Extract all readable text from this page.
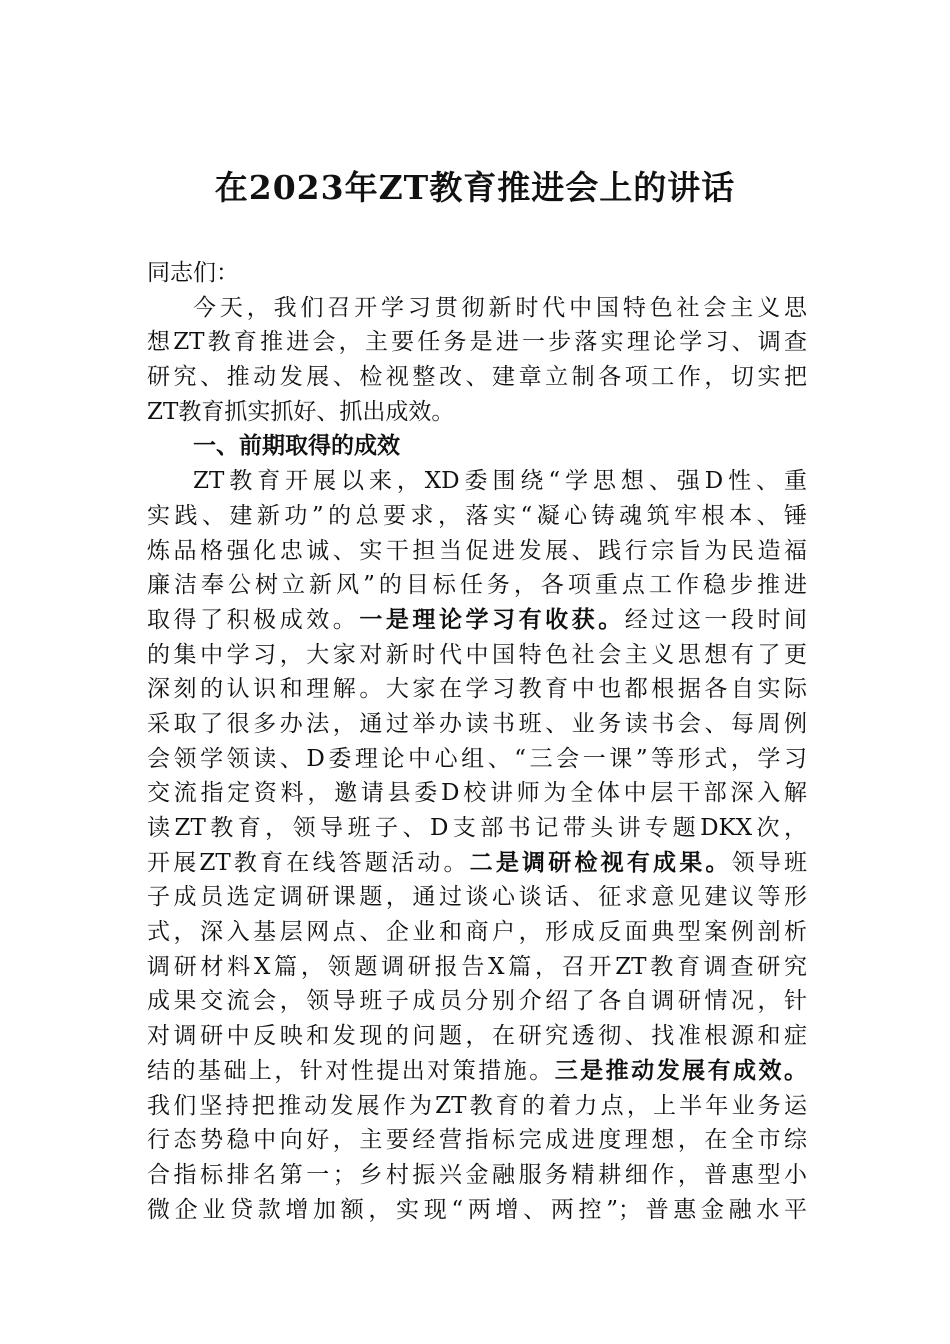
在2023年ZT教育推进会上的讲话
同志们：
今天，我们召开学习贯彻新时代中国特色社会主义思
想ZT教育推进会，主要任务是进一步落实理论学习、调查
研究、推动发展、检视整改、建章立制各项工作，切实把
ZT教育抓实抓好、抓出成效。
一、前期取得的成效
ZT教育开展以来，XD委围绕“学思想、强D性、重
实践、建新功”的总要求，落实“凝心铸魂筑牢根本、锤
炼品格强化忠诚、实干担当促进发展、践行宗旨为民造福
廉洁奉公树立新风”的目标任务，各项重点工作稳步推进
取得了积极成效。一是理论学习有收获。经过这一段时间
的集中学习，大家对新时代中国特色社会主义思想有了更
深刻的认识和理解。大家在学习教育中也都根据各自实际
采取了很多办法，通过举办读书班、业务读书会、每周例
会领学领读、D委理论中心组、“三会一课”等形式，学习
交流指定资料，邀请县委D校讲师为全体中层干部深入解
读ZT教育，领导班子、D支部书记带头讲专题DKX次，
开展ZT教育在线答题活动。二是调研检视有成果。领导班
子成员选定调研课题，通过谈心谈话、征求意见建议等形
式，深入基层网点、企业和商户，形成反面典型案例剖析
调研材料X篇，领题调研报告X篇，召开ZT教育调查研究
成果交流会，领导班子成员分别介绍了各自调研情况，针
对调研中反映和发现的问题，在研究透彻、找准根源和症
结的基础上，针对性提出对策措施。三是推动发展有成效。
我们坚持把推动发展作为ZT教育的着力点，上半年业务运
行态势稳中向好，主要经营指标完成进度理想，在全市综
合指标排名第一；乡村振兴金融服务精耕细作，普惠型小
微企业贷款增加额，实现“两增、两控”；普惠金融水平
